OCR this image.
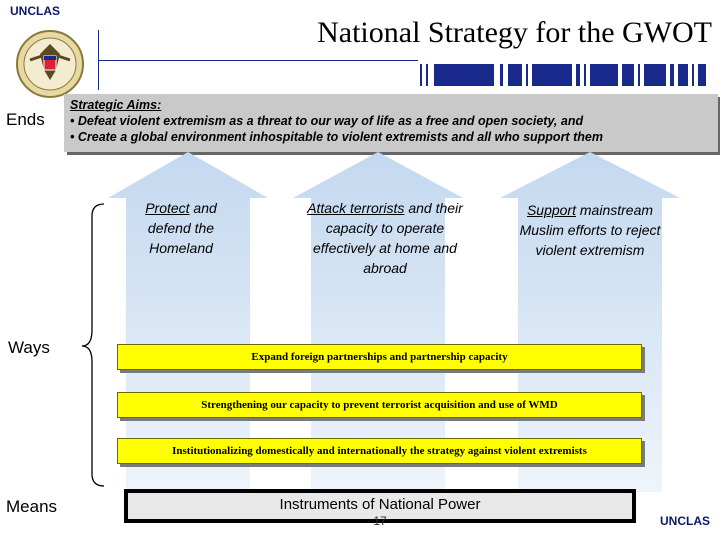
UNCLAS
UNCLAS
National Strategy for the GWOT
Ends
Ways
Means
Strategic Aims:
• Defeat violent extremism as a threat to our way of life as a free and open society, and
• Create a global environment inhospitable to violent extremists and all who support them
Protect and defend the Homeland
Attack terrorists and their capacity to operate effectively at home and abroad
Support mainstream Muslim efforts to reject violent extremism
Expand foreign partnerships and partnership capacity
Strengthening our capacity to prevent terrorist acquisition and use of WMD
Institutionalizing domestically and internationally the strategy against violent extremists
Instruments of National Power
17
